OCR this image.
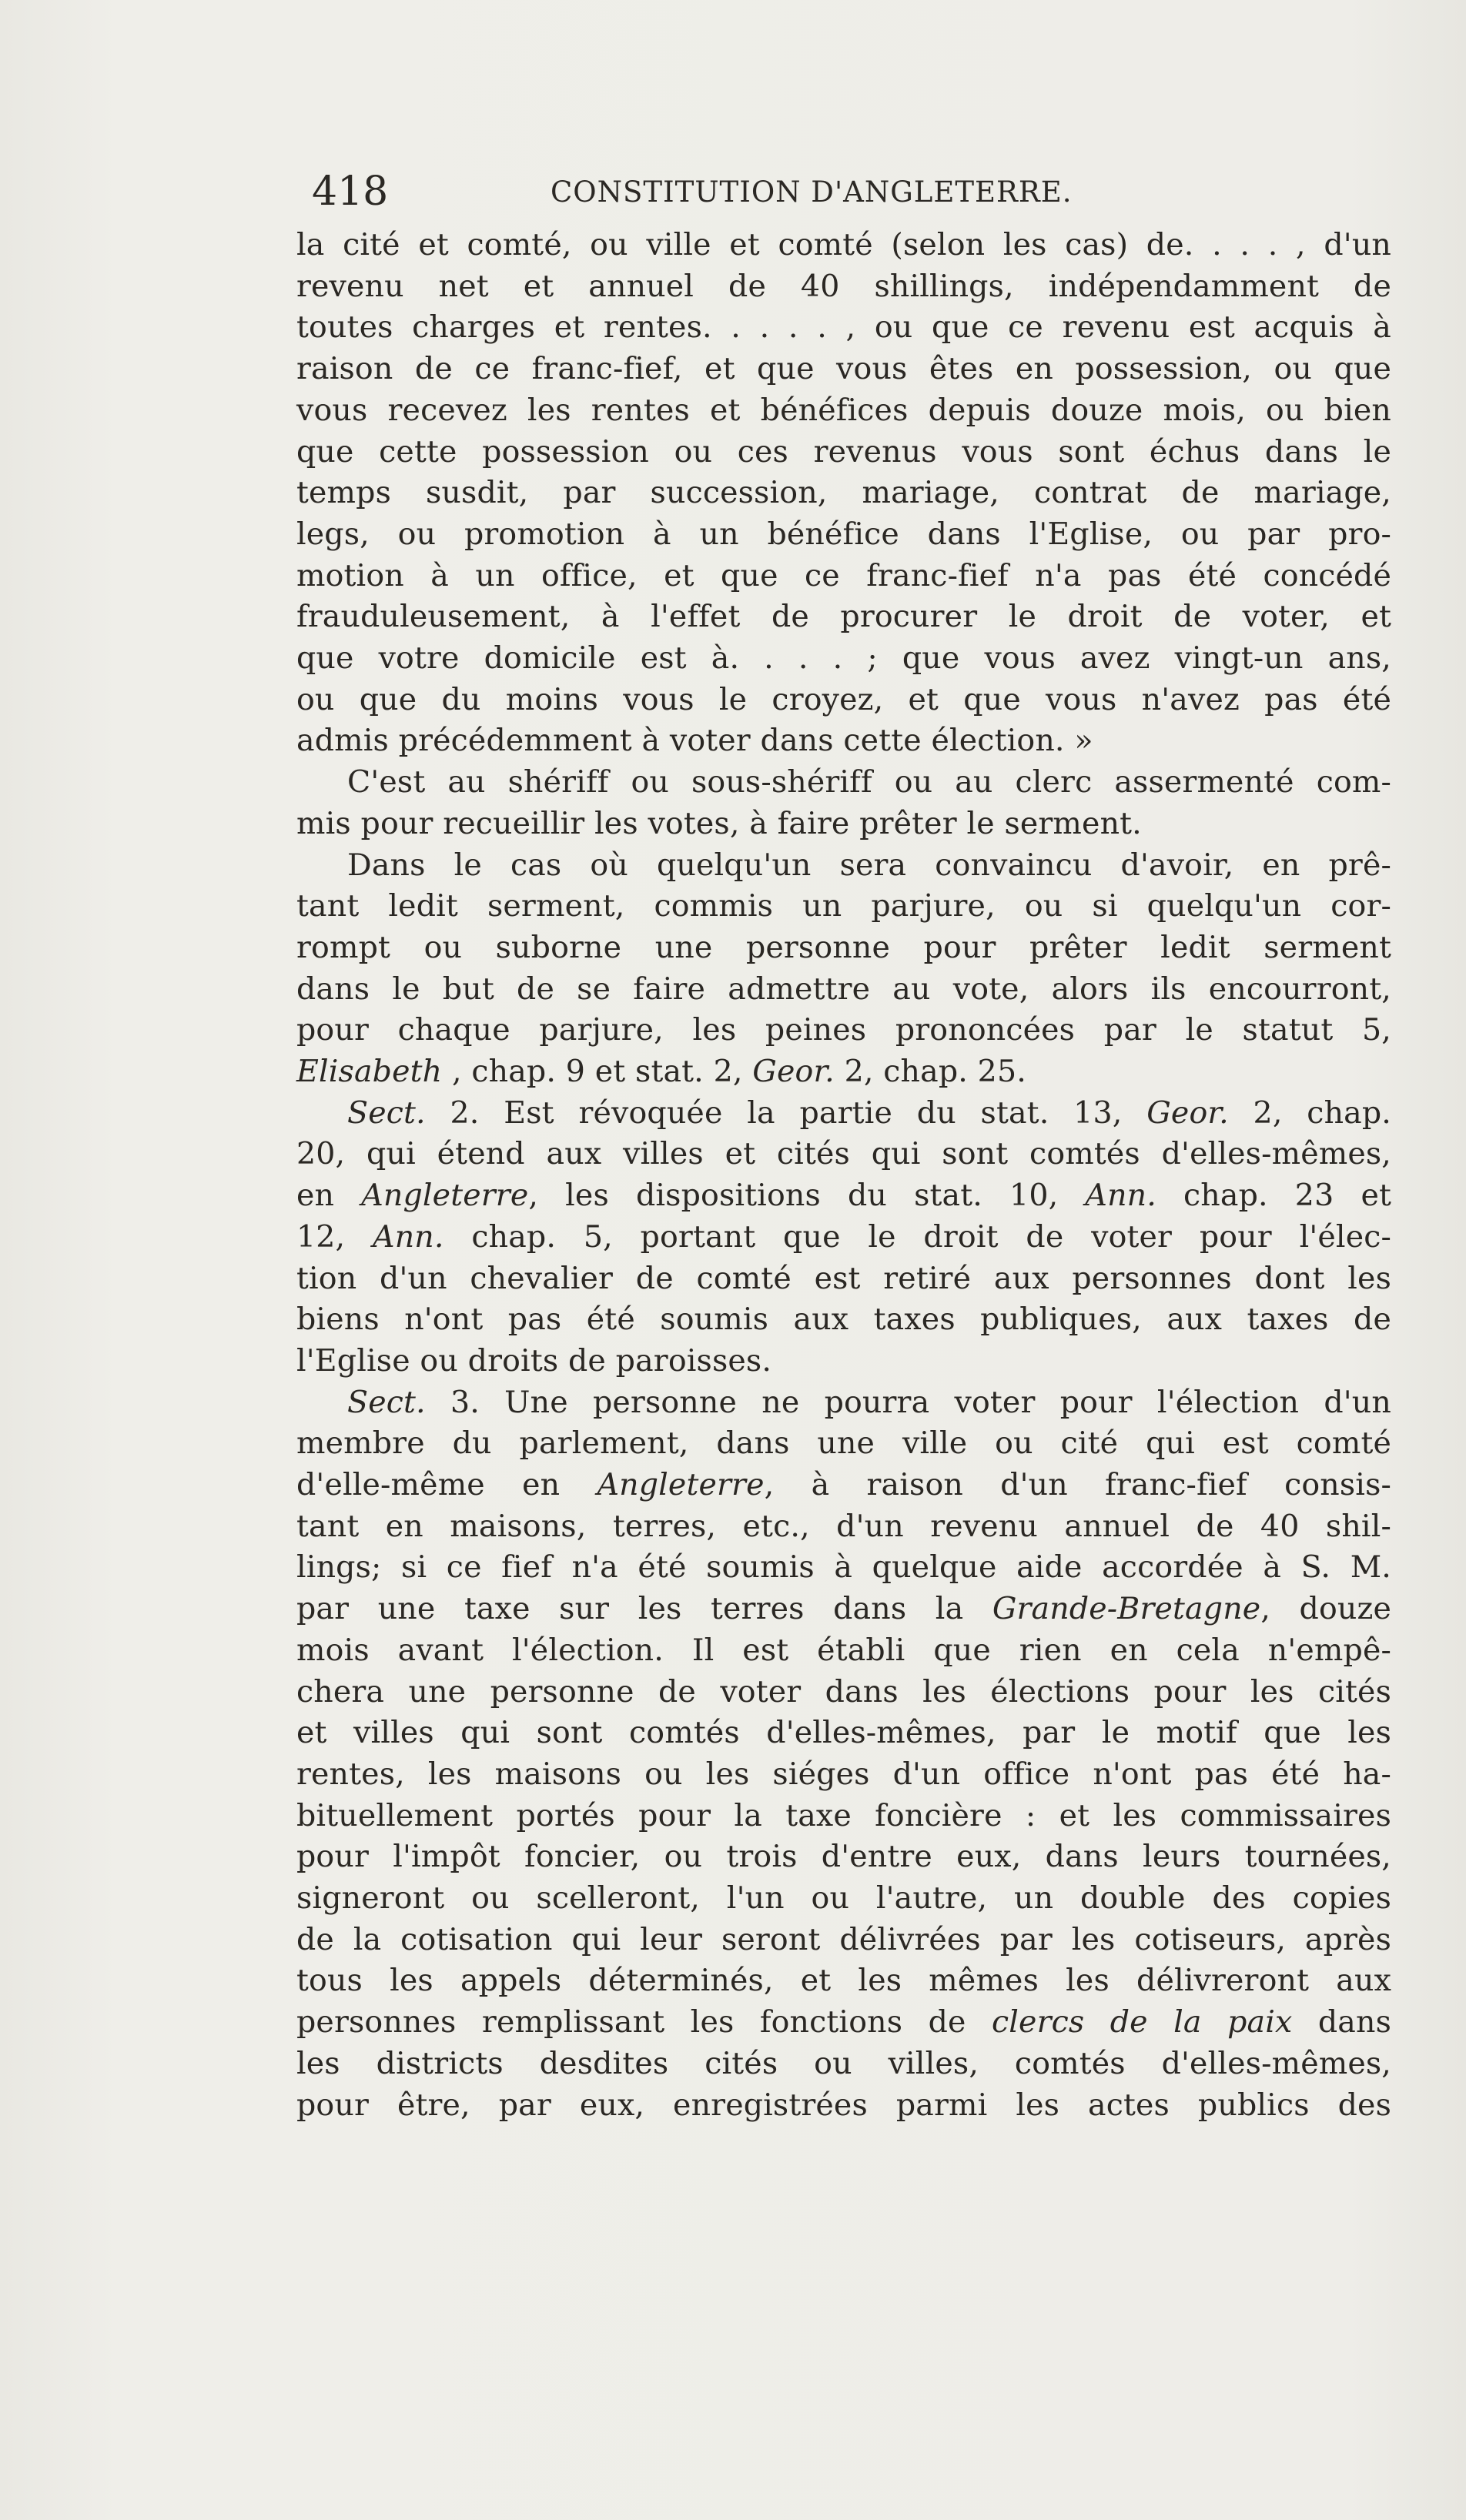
418	CONSTITUTION D'ANGLETERRE.
la cité et comté, ou ville et comté (selon les cas) de. . . . , d'un
revenu net et annuel de 40 shillings, indépendamment de
toutes charges et rentes. . . . . , ou que ce revenu est acquis à
raison de ce franc-fief, et que vous êtes en possession, ou que
vous recevez les rentes et bénéfices depuis douze mois, ou bien
que cette possession ou ces revenus vous sont échus dans le
temps susdit, par succession, mariage, contrat de mariage,
legs, ou promotion à un bénéfice dans l'Eglise, ou par pro-
motion à un office, et que ce franc-fief n'a pas été concédé
frauduleusement, à l'effet de procurer le droit de voter, et
que votre domicile est à. . . . ; que vous avez vingt-un ans,
ou que du moins vous le croyez, et que vous n'avez pas été
admis précédemment à voter dans cette élection. »
C'est au shériff ou sous-shériff ou au clerc assermenté com-
mis pour recueillir les votes, à faire prêter le serment.
Dans le cas où quelqu'un sera convaincu d'avoir, en prê-
tant ledit serment, commis un parjure, ou si quelqu'un cor-
rompt ou suborne une personne pour prêter ledit serment
dans le but de se faire admettre au vote, alors ils encourront,
pour chaque parjure, les peines prononcées par le statut 5,
Elisabeth , chap. 9 et stat. 2, Geor. 2, chap. 25.
Sect. 2. Est révoquée la partie du stat. 13, Geor. 2, chap.
20, qui étend aux villes et cités qui sont comtés d'elles-mêmes,
en Angleterre, les dispositions du stat. 10, Ann. chap. 23 et
12, Ann. chap. 5, portant que le droit de voter pour l'élec-
tion d'un chevalier de comté est retiré aux personnes dont les
biens n'ont pas été soumis aux taxes publiques, aux taxes de
l'Eglise ou droits de paroisses.
Sect. 3. Une personne ne pourra voter pour l'élection d'un
membre du parlement, dans une ville ou cité qui est comté
d'elle-même en Angleterre, à raison d'un franc-fief consis-
tant en maisons, terres, etc., d'un revenu annuel de 40 shil-
lings; si ce fief n'a été soumis à quelque aide accordée à S. M.
par une taxe sur les terres dans la Grande-Bretagne, douze
mois avant l'élection. Il est établi que rien en cela n'empê-
chera une personne de voter dans les élections pour les cités
et villes qui sont comtés d'elles-mêmes, par le motif que les
rentes, les maisons ou les siéges d'un office n'ont pas été ha-
bituellement portés pour la taxe foncière : et les commissaires
pour l'impôt foncier, ou trois d'entre eux, dans leurs tournées,
signeront ou scelleront, l'un ou l'autre, un double des copies
de la cotisation qui leur seront délivrées par les cotiseurs, après
tous les appels déterminés, et les mêmes les délivreront aux
personnes remplissant les fonctions de clercs de la paix dans
les districts desdites cités ou villes, comtés d'elles-mêmes,
pour être, par eux, enregistrées parmi les actes publics des
